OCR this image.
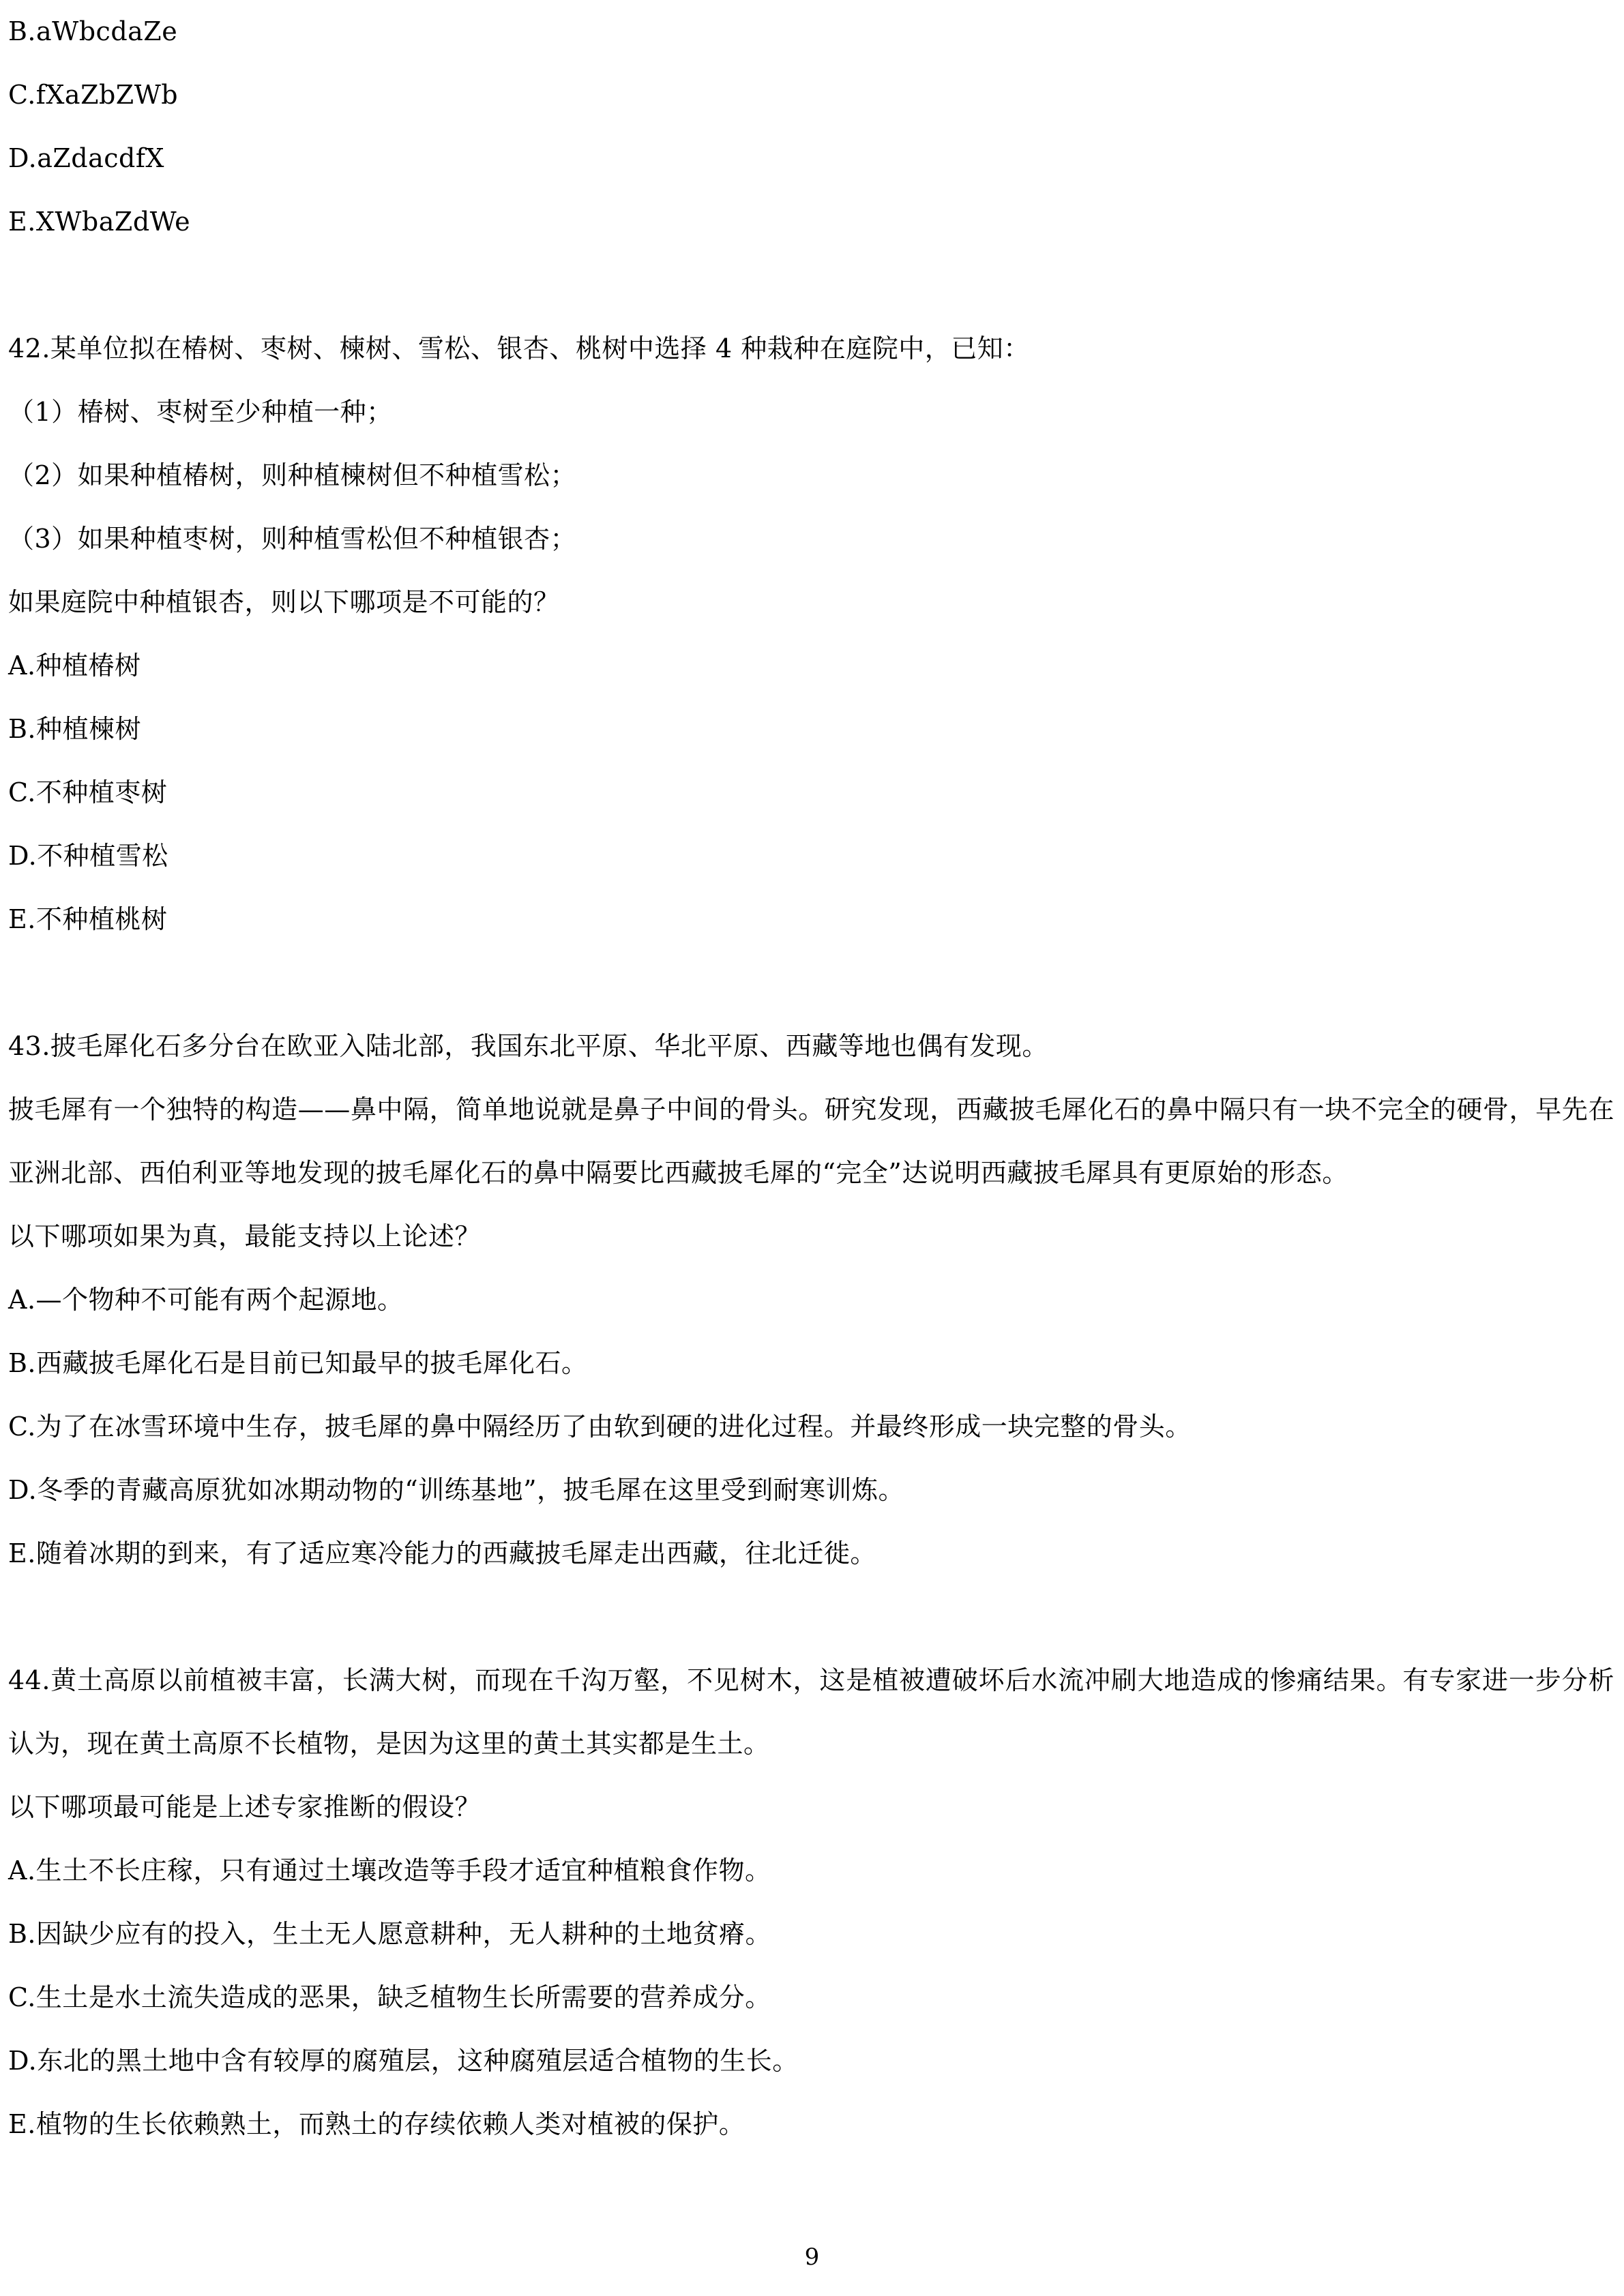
B.aWbcdaZe
C.fXaZbZWb
D.aZdacdfX
E.XWbaZdWe
42.某单位拟在椿树、枣树、楝树、雪松、银杏、桃树中选择 4 种栽种在庭院中，已知：
（1）椿树、枣树至少种植一种；
（2）如果种植椿树，则种植楝树但不种植雪松；
（3）如果种植枣树，则种植雪松但不种植银杏；
如果庭院中种植银杏，则以下哪项是不可能的？
A.种植椿树
B.种植楝树
C.不种植枣树
D.不种植雪松
E.不种植桃树
43.披毛犀化石多分台在欧亚入陆北部，我国东北平原、华北平原、西藏等地也偶有发现。
披毛犀有一个独特的构造——鼻中隔，简单地说就是鼻子中间的骨头。研究发现，西藏披毛犀化石的鼻中隔只有一块不完全的硬骨，早先在亚洲北部、西伯利亚等地发现的披毛犀化石的鼻中隔要比西藏披毛犀的“完全”达说明西藏披毛犀具有更原始的形态。
以下哪项如果为真，最能支持以上论述？
A.—个物种不可能有两个起源地。
B.西藏披毛犀化石是目前已知最早的披毛犀化石。
C.为了在冰雪环境中生存，披毛犀的鼻中隔经历了由软到硬的进化过程。并最终形成一块完整的骨头。
D.冬季的青藏高原犹如冰期动物的“训练基地”，披毛犀在这里受到耐寒训炼。
E.随着冰期的到来，有了适应寒冷能力的西藏披毛犀走出西藏，往北迁徙。
44.黄土高原以前植被丰富，长满大树，而现在千沟万壑，不见树木，这是植被遭破坏后水流冲刷大地造成的惨痛结果。有专家进一步分析认为，现在黄土高原不长植物，是因为这里的黄土其实都是生土。
以下哪项最可能是上述专家推断的假设？
A.生土不长庄稼，只有通过土壤改造等手段才适宜种植粮食作物。
B.因缺少应有的投入，生土无人愿意耕种，无人耕种的土地贫瘠。
C.生土是水土流失造成的恶果，缺乏植物生长所需要的营养成分。
D.东北的黑土地中含有较厚的腐殖层，这种腐殖层适合植物的生长。
E.植物的生长依赖熟土，而熟土的存续依赖人类对植被的保护。
9
